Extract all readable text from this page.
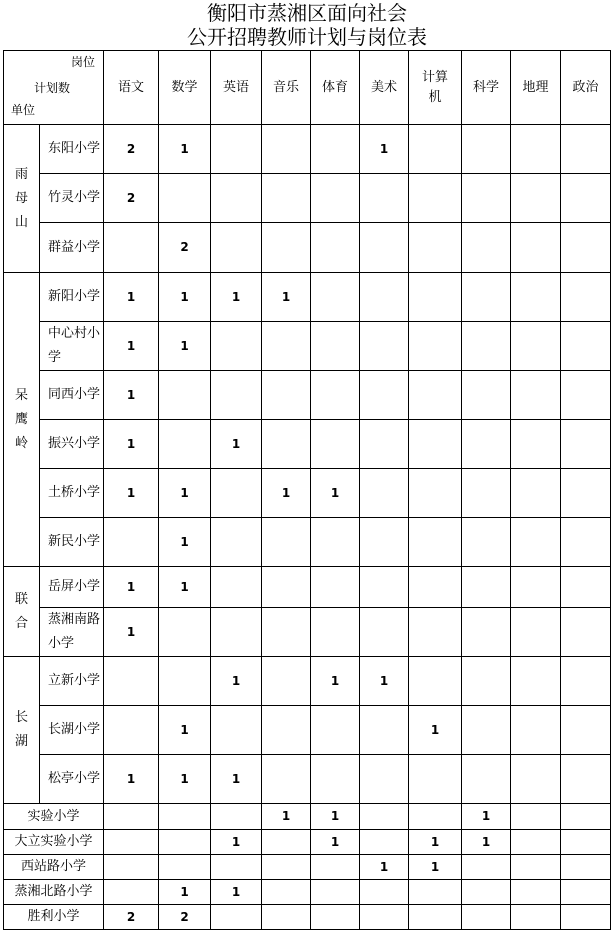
衡阳市蒸湘区面向社会
公开招聘教师计划与岗位表
岗位
计划数
单位		语文	数学	英语	音乐	体育	美术	计算机	科学	地理	政治

雨母山	东阳小学	2	1				1				

	竹灵小学	2									

	群益小学		2								

呆鹰岭	新阳小学	1	1	1	1						

	中心村小学	1	1								

	同西小学	1									

	振兴小学	1		1							

	土桥小学	1	1		1	1					

	新民小学		1								

联合	岳屏小学	1	1								

	蒸湘南路小学	1									

长湖	立新小学			1		1	1				

	长湖小学		1					1			

	松亭小学	1	1	1							
实验小学					1	1			1		
大立实验小学				1		1		1	1		
西站路小学							1	1			
蒸湘北路小学			1	1							
胜利小学		2	2								
